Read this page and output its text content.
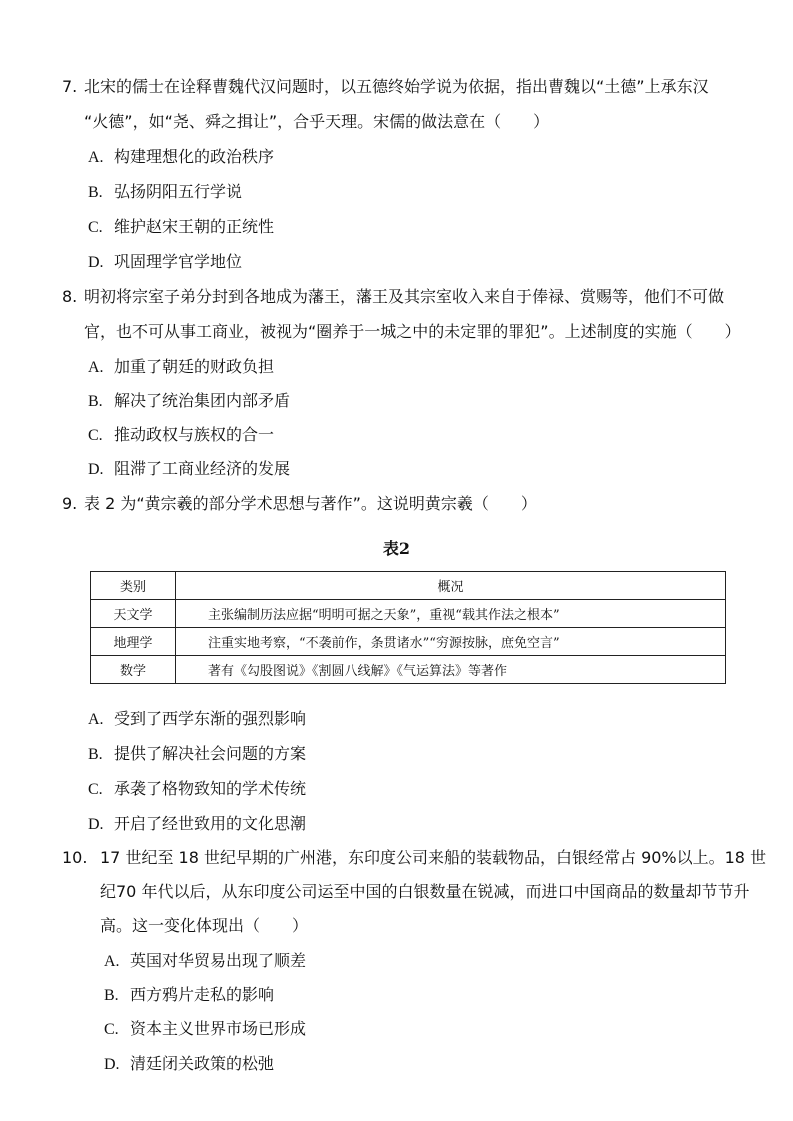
7. 北宋的儒士在诠释曹魏代汉问题时，以五德终始学说为依据，指出曹魏以“土德”上承东汉
“火德”，如“尧、舜之揖让”，合乎天理。宋儒的做法意在（　　）
A. 构建理想化的政治秩序
B. 弘扬阴阳五行学说
C. 维护赵宋王朝的正统性
D. 巩固理学官学地位
8. 明初将宗室子弟分封到各地成为藩王，藩王及其宗室收入来自于俸禄、赏赐等，他们不可做
官，也不可从事工商业，被视为“圈养于一城之中的未定罪的罪犯”。上述制度的实施（　　）
A. 加重了朝廷的财政负担
B. 解决了统治集团内部矛盾
C. 推动政权与族权的合一
D. 阻滞了工商业经济的发展
9. 表 2 为“黄宗羲的部分学术思想与著作”。这说明黄宗羲（　　）
表2
类别	概况
天文学	主张编制历法应据“明明可据之天象”，重视“载其作法之根本”
地理学	注重实地考察，“不袭前作，条贯诸水”“穷源按脉，庶免空言”
数学	著有《勾股图说》《割圆八线解》《气运算法》等著作
A. 受到了西学东渐的强烈影响
B. 提供了解决社会问题的方案
C. 承袭了格物致知的学术传统
D. 开启了经世致用的文化思潮
10. 17 世纪至 18 世纪早期的广州港，东印度公司来船的装载物品，白银经常占 90%以上。18 世
纪70 年代以后，从东印度公司运至中国的白银数量在锐减，而进口中国商品的数量却节节升
高。这一变化体现出（　　）
A. 英国对华贸易出现了顺差
B. 西方鸦片走私的影响
C. 资本主义世界市场已形成
D. 清廷闭关政策的松弛
